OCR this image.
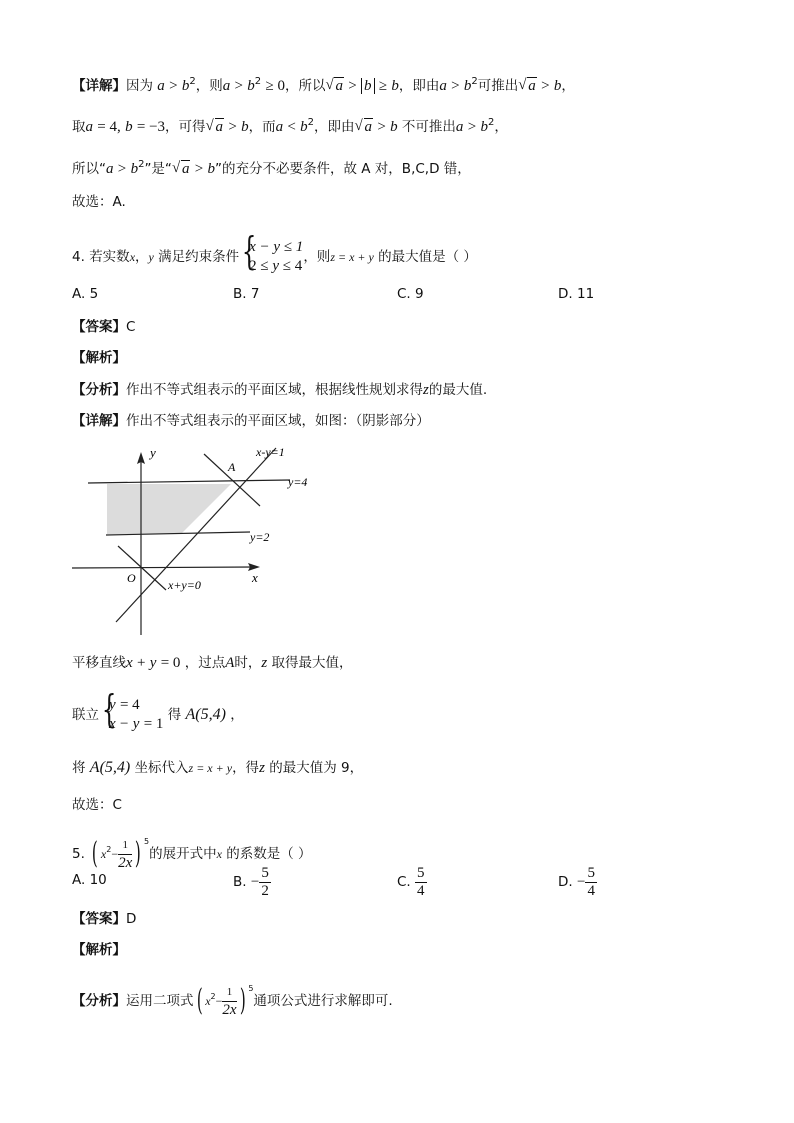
【详解】因为 $a > b^2$，则$a > b^2 \ge 0$，所以 √ a > b ≥ b，即由$a > b^2$可推出 √ a > b，
取a = 4, b = −3，可得 √ a > b，而$a < b^2$，即由 √ a > b 不可推出$a > b^2$，
所以“$a > b^2$”是“ √ a > b”的充分不必要条件，故 A 对，B,C,D 错，
故选：A.
4. 若实数x，y 满足约束条件
{ x − y ≤ 1
2 ≤ y ≤ 4
，则z = x + y 的最大值是（ ）
A. 5	B. 7	C. 9	D. 11
【答案】C
【解析】
【分析】作出不等式组表示的平面区域，根据线性规划求得z的最大值.
【详解】作出不等式组表示的平面区域，如图：（阴影部分）
y
x
O
A
x-y=1
y=4
y=2
x+y=0
平移直线x + y = 0 ，过点A时，z 取得最大值，
联立
{ y = 4
x − y = 1
得 A(5,4) ，
将 A(5,4) 坐标代入z = x + y，得z 的最大值为 9，
故选：C
5. ( $x^2- \frac{1}{2x}$ ) $^5$的展开式中x 的系数是（ ）
A. 10	B. − $\frac{5}{2}$	C. $\frac{5}{4}$	D. − $\frac{5}{4}$
【答案】D
【解析】
【分析】运用二项式( $x^2- \frac{1}{2x}$ ) $^5$通项公式进行求解即可.
